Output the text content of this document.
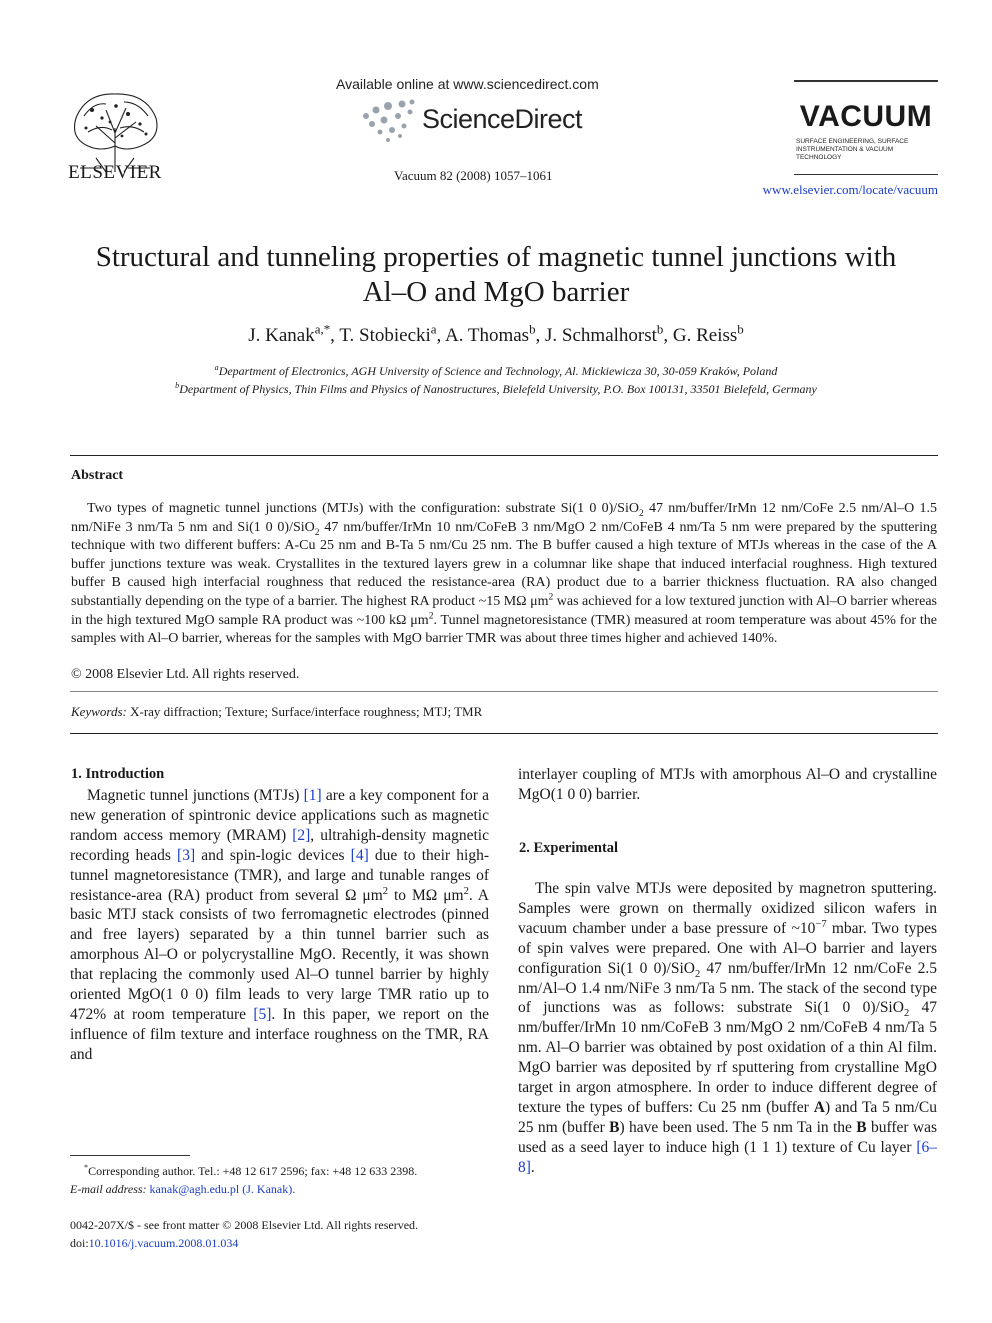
ELSEVIER
Available online at www.sciencedirect.com
ScienceDirect
Vacuum 82 (2008) 1057–1061
VACUUM
SURFACE ENGINEERING, SURFACE INSTRUMENTATION & VACUUM TECHNOLOGY
www.elsevier.com/locate/vacuum
Structural and tunneling properties of magnetic tunnel junctions with
Al–O and MgO barrier
J. Kanak$^{a,*}$, T. Stobiecki$^a$, A. Thomas$^b$, J. Schmalhorst$^b$, G. Reiss$^b$
$^a$Department of Electronics, AGH University of Science and Technology, Al. Mickiewicza 30, 30-059 Kraków, Poland
$^b$Department of Physics, Thin Films and Physics of Nanostructures, Bielefeld University, P.O. Box 100131, 33501 Bielefeld, Germany
Abstract

Two types of magnetic tunnel junctions (MTJs) with the configuration: substrate Si(1 0 0)/SiO$_2$ 47 nm/buffer/IrMn 12 nm/CoFe 2.5 nm/Al–O 1.5 nm/NiFe 3 nm/Ta 5 nm and Si(1 0 0)/SiO$_2$ 47 nm/buffer/IrMn 10 nm/CoFeB 3 nm/MgO 2 nm/CoFeB 4 nm/Ta 5 nm were prepared by the sputtering technique with two different buffers: A-Cu 25 nm and B-Ta 5 nm/Cu 25 nm. The B buffer caused a high texture of MTJs whereas in the case of the A buffer junctions texture was weak. Crystallites in the textured layers grew in a columnar like shape that induced interfacial roughness. High textured buffer B caused high interfacial roughness that reduced the resistance-area (RA) product due to a barrier thickness fluctuation. RA also changed substantially depending on the type of a barrier. The highest RA product ~15 MΩ $\mu m^2$ was achieved for a low textured junction with Al–O barrier whereas in the high textured MgO sample RA product was ~100 kΩ $\mu m^2$. Tunnel magnetoresistance (TMR) measured at room temperature was about 45% for the samples with Al–O barrier, whereas for the samples with MgO barrier TMR was about three times higher and achieved 140%.

© 2008 Elsevier Ltd. All rights reserved.
Keywords: X-ray diffraction; Texture; Surface/interface roughness; MTJ; TMR
1. Introduction

Magnetic tunnel junctions (MTJs) [1] are a key component for a new generation of spintronic device applications such as magnetic random access memory (MRAM) [2], ultrahigh-density magnetic recording heads [3] and spin-logic devices [4] due to their high-tunnel magnetoresistance (TMR), and large and tunable ranges of resistance-area (RA) product from several Ω $\mu m^2$ to MΩ $\mu m^2$. A basic MTJ stack consists of two ferromagnetic electrodes (pinned and free layers) separated by a thin tunnel barrier such as amorphous Al–O or polycrystalline MgO. Recently, it was shown that replacing the commonly used Al–O tunnel barrier by highly oriented MgO(1 0 0) film leads to very large TMR ratio up to 472% at room temperature [5]. In this paper, we report on the influence of film texture and interface roughness on the TMR, RA and

interlayer coupling of MTJs with amorphous Al–O and crystalline MgO(1 0 0) barrier.

2. Experimental

The spin valve MTJs were deposited by magnetron sputtering. Samples were grown on thermally oxidized silicon wafers in vacuum chamber under a base pressure of $\sim 10^{-7}$ mbar. Two types of spin valves were prepared. One with Al–O barrier and layers configuration Si(1 0 0)/SiO$_2$ 47 nm/buffer/IrMn 12 nm/CoFe 2.5 nm/Al–O 1.4 nm/NiFe 3 nm/Ta 5 nm. The stack of the second type of junctions was as follows: substrate Si(1 0 0)/SiO$_2$ 47 nm/buffer/IrMn 10 nm/CoFeB 3 nm/MgO 2 nm/CoFeB 4 nm/Ta 5 nm. Al–O barrier was obtained by post oxidation of a thin Al film. MgO barrier was deposited by rf sputtering from crystalline MgO target in argon atmosphere. In order to induce different degree of texture the types of buffers: Cu 25 nm (buffer A) and Ta 5 nm/Cu 25 nm (buffer B) have been used. The 5 nm Ta in the B buffer was used as a seed layer to induce high (1 1 1) texture of Cu layer [6–8].

*Corresponding author. Tel.: +48 12 617 2596; fax: +48 12 633 2398.
E-mail address: kanak@agh.edu.pl (J. Kanak).
0042-207X/$ - see front matter © 2008 Elsevier Ltd. All rights reserved.
doi:10.1016/j.vacuum.2008.01.034
